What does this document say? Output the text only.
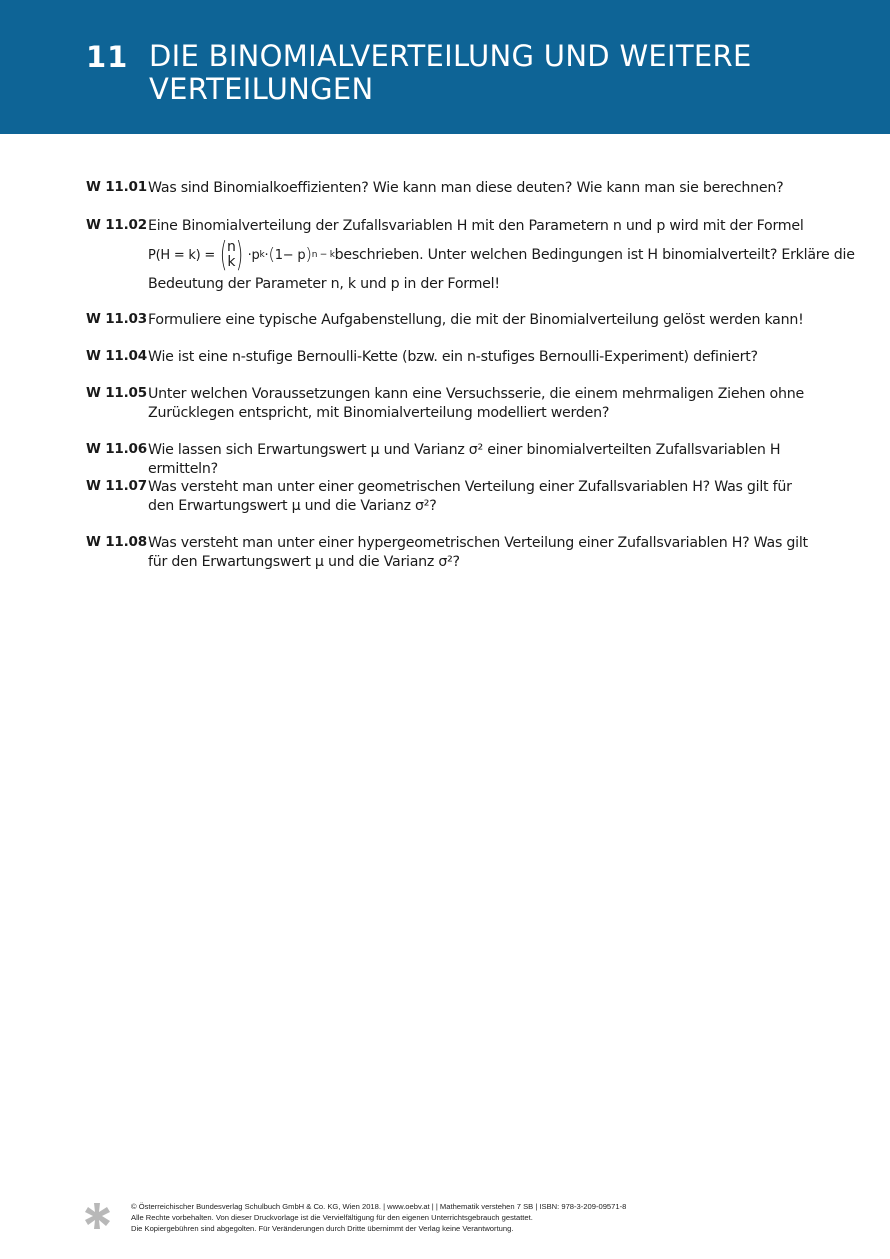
11 DIE BINOMIALVERTEILUNG UND WEITERE
VERTEILUNGEN
W 11.01 Was sind Binomialkoeffizienten? Wie kann man diese deuten? Wie kann man sie berechnen?
W 11.02 Eine Binomialverteilung der Zufallsvariablen H mit den Parametern n und p wird mit der Formel
P(H = k) = ( n
k ) · p k · ( 1− p ) n − k beschrieben. Unter welchen Bedingungen ist H binomialverteilt? Erkläre die
Bedeutung der Parameter n, k und p in der Formel!
W 11.03 Formuliere eine typische Aufgabenstellung, die mit der Binomialverteilung gelöst werden kann!
W 11.04 Wie ist eine n-stufige Bernoulli-Kette (bzw. ein n-stufiges Bernoulli-Experiment) definiert?
W 11.05 Unter welchen Voraussetzungen kann eine Versuchsserie, die einem mehrmaligen Ziehen ohne Zurücklegen entspricht, mit Binomialverteilung modelliert werden?
W 11.06 Wie lassen sich Erwartungswert μ und Varianz σ² einer binomialverteilten Zufallsvariablen H ermitteln?
W 11.07 Was versteht man unter einer geometrischen Verteilung einer Zufallsvariablen H? Was gilt für den Erwartungswert μ und die Varianz σ²?
W 11.08 Was versteht man unter einer hypergeometrischen Verteilung einer Zufallsvariablen H? Was gilt für den Erwartungswert μ und die Varianz σ²?
© Österreichischer Bundesverlag Schulbuch GmbH & Co. KG, Wien 2018. | www.oebv.at | | Mathematik verstehen 7 SB | ISBN: 978-3-209-09571-8
Alle Rechte vorbehalten. Von dieser Druckvorlage ist die Vervielfältigung für den eigenen Unterrichtsgebrauch gestattet.
Die Kopiergebühren sind abgegolten. Für Veränderungen durch Dritte übernimmt der Verlag keine Verantwortung.
